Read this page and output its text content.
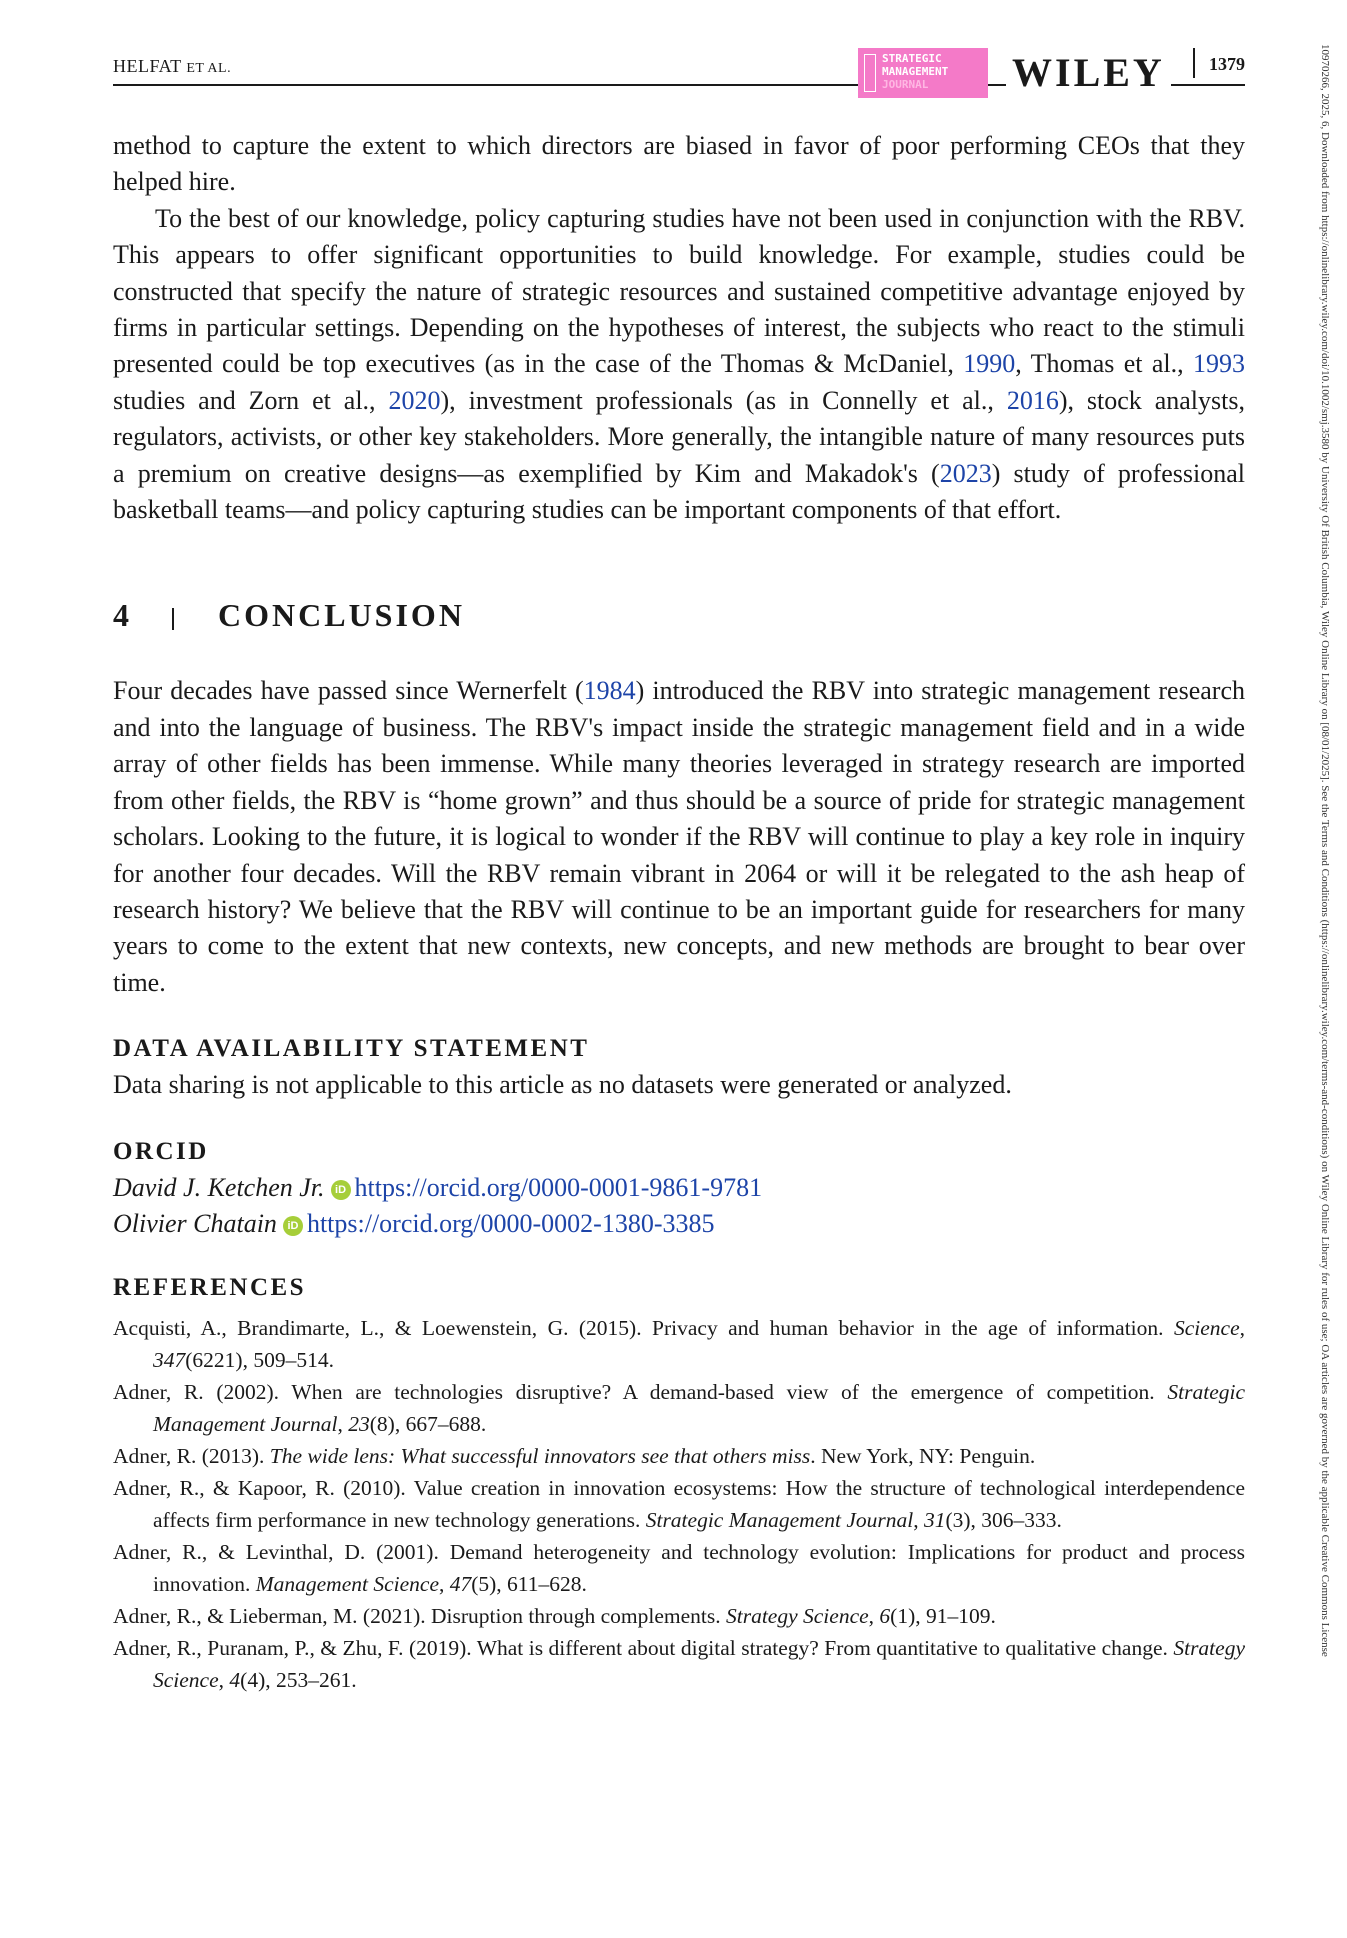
HELFAT ET AL.
STRATEGIC
MANAGEMENT
JOURNAL	WILEY	1379	10970266, 2025, 6, Downloaded from https://onlinelibrary.wiley.com/doi/10.1002/smj.3580 by University Of British Columbia, Wiley Online Library on [08/01/2025]. See the Terms and Conditions (https://onlinelibrary.wiley.com/terms-and-conditions) on Wiley Online Library for rules of use; OA articles are governed by the applicable Creative Commons License

method to capture the extent to which directors are biased in favor of poor performing CEOs that they helped hire.

To the best of our knowledge, policy capturing studies have not been used in conjunction with the RBV. This appears to offer significant opportunities to build knowledge. For example, studies could be constructed that specify the nature of strategic resources and sustained competitive advantage enjoyed by firms in particular settings. Depending on the hypotheses of interest, the subjects who react to the stimuli presented could be top executives (as in the case of the Thomas & McDaniel, 1990, Thomas et al., 1993 studies and Zorn et al., 2020), investment professionals (as in Connelly et al., 2016), stock analysts, regulators, activists, or other key stakeholders. More generally, the intangible nature of many resources puts a premium on creative designs—as exemplified by Kim and Makadok's (2023) study of professional basketball teams—and policy capturing studies can be important components of that effort.

4	CONCLUSION

Four decades have passed since Wernerfelt (1984) introduced the RBV into strategic management research and into the language of business. The RBV's impact inside the strategic management field and in a wide array of other fields has been immense. While many theories leveraged in strategy research are imported from other fields, the RBV is “home grown” and thus should be a source of pride for strategic management scholars. Looking to the future, it is logical to wonder if the RBV will continue to play a key role in inquiry for another four decades. Will the RBV remain vibrant in 2064 or will it be relegated to the ash heap of research history? We believe that the RBV will continue to be an important guide for researchers for many years to come to the extent that new contexts, new concepts, and new methods are brought to bear over time.

DATA AVAILABILITY STATEMENT

Data sharing is not applicable to this article as no datasets were generated or analyzed.

ORCID
David J. Ketchen Jr. iD https://orcid.org/0000-0001-9861-9781
Olivier Chatain iD https://orcid.org/0000-0002-1380-3385
REFERENCES
Acquisti, A., Brandimarte, L., & Loewenstein, G. (2015). Privacy and human behavior in the age of information. Science, 347(6221), 509–514.
Adner, R. (2002). When are technologies disruptive? A demand-based view of the emergence of competition. Strategic Management Journal, 23(8), 667–688.
Adner, R. (2013). The wide lens: What successful innovators see that others miss. New York, NY: Penguin.
Adner, R., & Kapoor, R. (2010). Value creation in innovation ecosystems: How the structure of technological interdependence affects firm performance in new technology generations. Strategic Management Journal, 31(3), 306–333.
Adner, R., & Levinthal, D. (2001). Demand heterogeneity and technology evolution: Implications for product and process innovation. Management Science, 47(5), 611–628.
Adner, R., & Lieberman, M. (2021). Disruption through complements. Strategy Science, 6(1), 91–109.
Adner, R., Puranam, P., & Zhu, F. (2019). What is different about digital strategy? From quantitative to qualitative change. Strategy Science, 4(4), 253–261.
